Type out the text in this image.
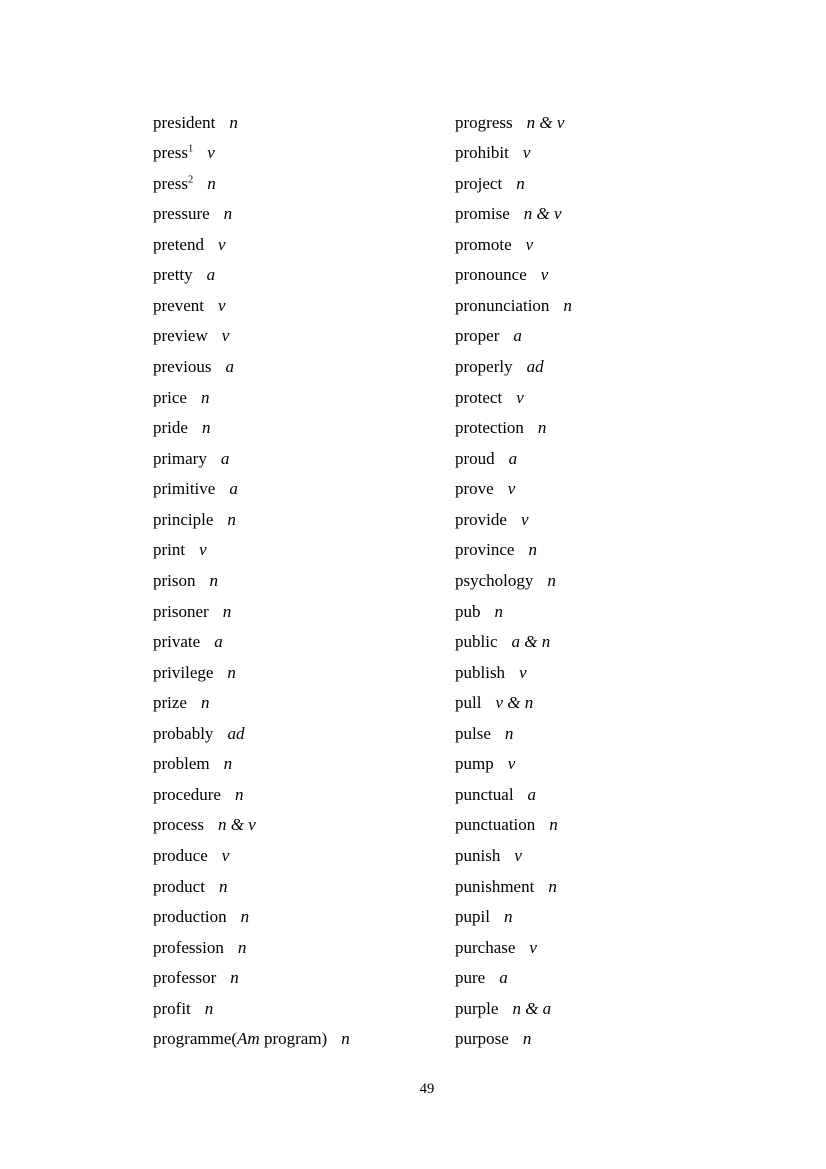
president n
press$^1$ v
press$^2$ n
pressure n
pretend v
pretty a
prevent v
preview v
previous a
price n
pride n
primary a
primitive a
principle n
print v
prison n
prisoner n
private a
privilege n
prize n
probably ad
problem n
procedure n
process n & v
produce v
product n
production n
profession n
professor n
profit n
programme(Am program) n
progress n & v
prohibit v
project n
promise n & v
promote v
pronounce v
pronunciation n
proper a
properly ad
protect v
protection n
proud a
prove v
provide v
province n
psychology n
pub n
public a & n
publish v
pull v & n
pulse n
pump v
punctual a
punctuation n
punish v
punishment n
pupil n
purchase v
pure a
purple n & a
purpose n
49
